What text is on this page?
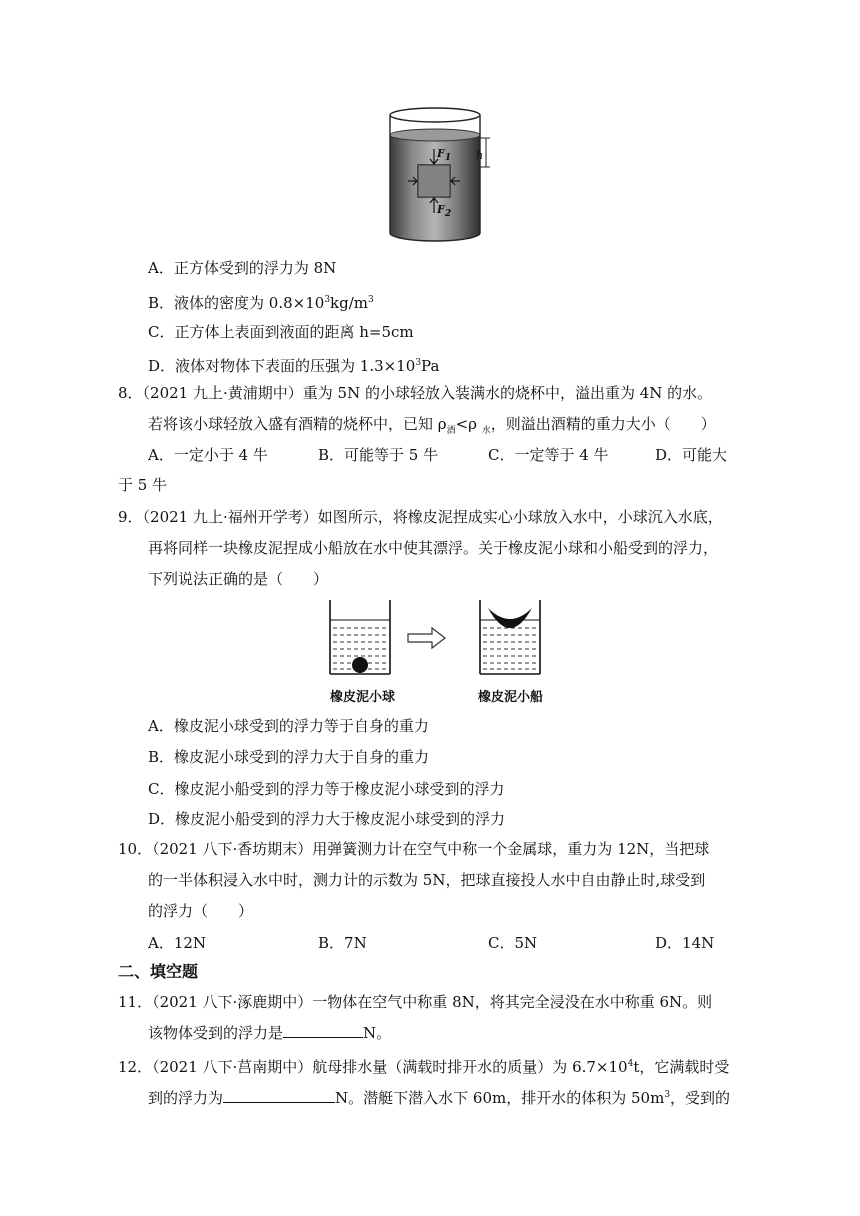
$F_1$
$F_2$
h
A．正方体受到的浮力为 8N
B．液体的密度为 $0.8\times 10^3kg/m^3$
C．正方体上表面到液面的距离 h=5cm
D．液体对物体下表面的压强为 $1.3\times 10^3Pa$
8．（2021 九上·黄浦期中）重为 5N 的小球轻放入装满水的烧杯中，溢出重为 4N 的水。
若将该小球轻放入盛有酒精的烧杯中，已知 $\rho_酒<\rho$ $_水$，则溢出酒精的重力大小（　　）
A．一定小于 4 牛	B．可能等于 5 牛	C．一定等于 4 牛	D．可能大
于 5 牛
9．（2021 九上·福州开学考）如图所示，将橡皮泥捏成实心小球放入水中，小球沉入水底，
再将同样一块橡皮泥捏成小船放在水中使其漂浮。关于橡皮泥小球和小船受到的浮力，
下列说法正确的是（　　）
橡皮泥小球	橡皮泥小船
A．橡皮泥小球受到的浮力等于自身的重力
B．橡皮泥小球受到的浮力大于自身的重力
C．橡皮泥小船受到的浮力等于橡皮泥小球受到的浮力
D．橡皮泥小船受到的浮力大于橡皮泥小球受到的浮力
10．（2021 八下·香坊期末）用弹簧测力计在空气中称一个金属球，重力为 12N，当把球
的一半体积浸入水中时，测力计的示数为 5N，把球直接投人水中自由静止时,球受到
的浮力（　　）
A．12N	B．7N	C．5N	D．14N
二、填空题
11．（2021 八下·涿鹿期中）一物体在空气中称重 8N，将其完全浸没在水中称重 6N。则
该物体受到的浮力是	N。
12．（2021 八下·莒南期中）航母排水量（满载时排开水的质量）为 $6.7\times 10^4t$，它满载时受
到的浮力为	N。潜艇下潜入水下 60m，排开水的体积为 $50m^3$，受到的
